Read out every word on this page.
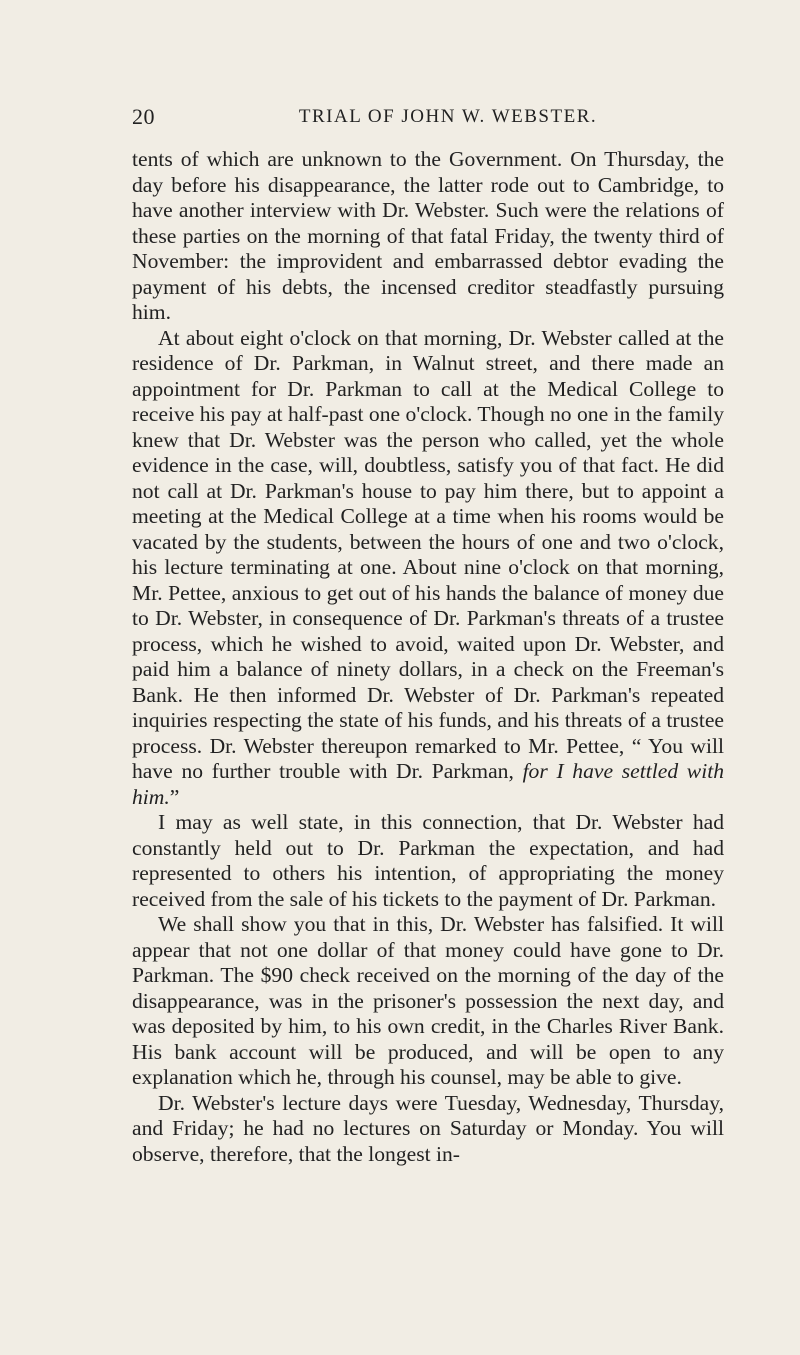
20	TRIAL OF JOHN W. WEBSTER.

tents of which are unknown to the Government. On Thursday, the day before his disappearance, the latter rode out to Cambridge, to have another interview with Dr. Webster. Such were the relations of these parties on the morning of that fatal Friday, the twenty third of November: the improvident and embarrassed debtor evading the payment of his debts, the incensed creditor steadfastly pursuing him.

At about eight o'clock on that morning, Dr. Webster called at the residence of Dr. Parkman, in Walnut street, and there made an appointment for Dr. Parkman to call at the Medical College to receive his pay at half-past one o'clock. Though no one in the family knew that Dr. Webster was the person who called, yet the whole evidence in the case, will, doubtless, satisfy you of that fact. He did not call at Dr. Parkman's house to pay him there, but to appoint a meeting at the Medical College at a time when his rooms would be vacated by the students, between the hours of one and two o'clock, his lecture terminating at one. About nine o'clock on that morning, Mr. Pettee, anxious to get out of his hands the balance of money due to Dr. Webster, in consequence of Dr. Parkman's threats of a trustee process, which he wished to avoid, waited upon Dr. Webster, and paid him a balance of ninety dollars, in a check on the Freeman's Bank. He then informed Dr. Webster of Dr. Parkman's repeated inquiries respecting the state of his funds, and his threats of a trustee process. Dr. Webster thereupon remarked to Mr. Pettee, “ You will have no further trouble with Dr. Parkman, for I have settled with him.”

I may as well state, in this connection, that Dr. Webster had constantly held out to Dr. Parkman the expectation, and had represented to others his intention, of appropriating the money received from the sale of his tickets to the payment of Dr. Parkman.

We shall show you that in this, Dr. Webster has falsified. It will appear that not one dollar of that money could have gone to Dr. Parkman. The $90 check received on the morning of the day of the disappearance, was in the prisoner's possession the next day, and was deposited by him, to his own credit, in the Charles River Bank. His bank account will be produced, and will be open to any explanation which he, through his counsel, may be able to give.

Dr. Webster's lecture days were Tuesday, Wednesday, Thursday, and Friday; he had no lectures on Saturday or Monday. You will observe, therefore, that the longest in-
